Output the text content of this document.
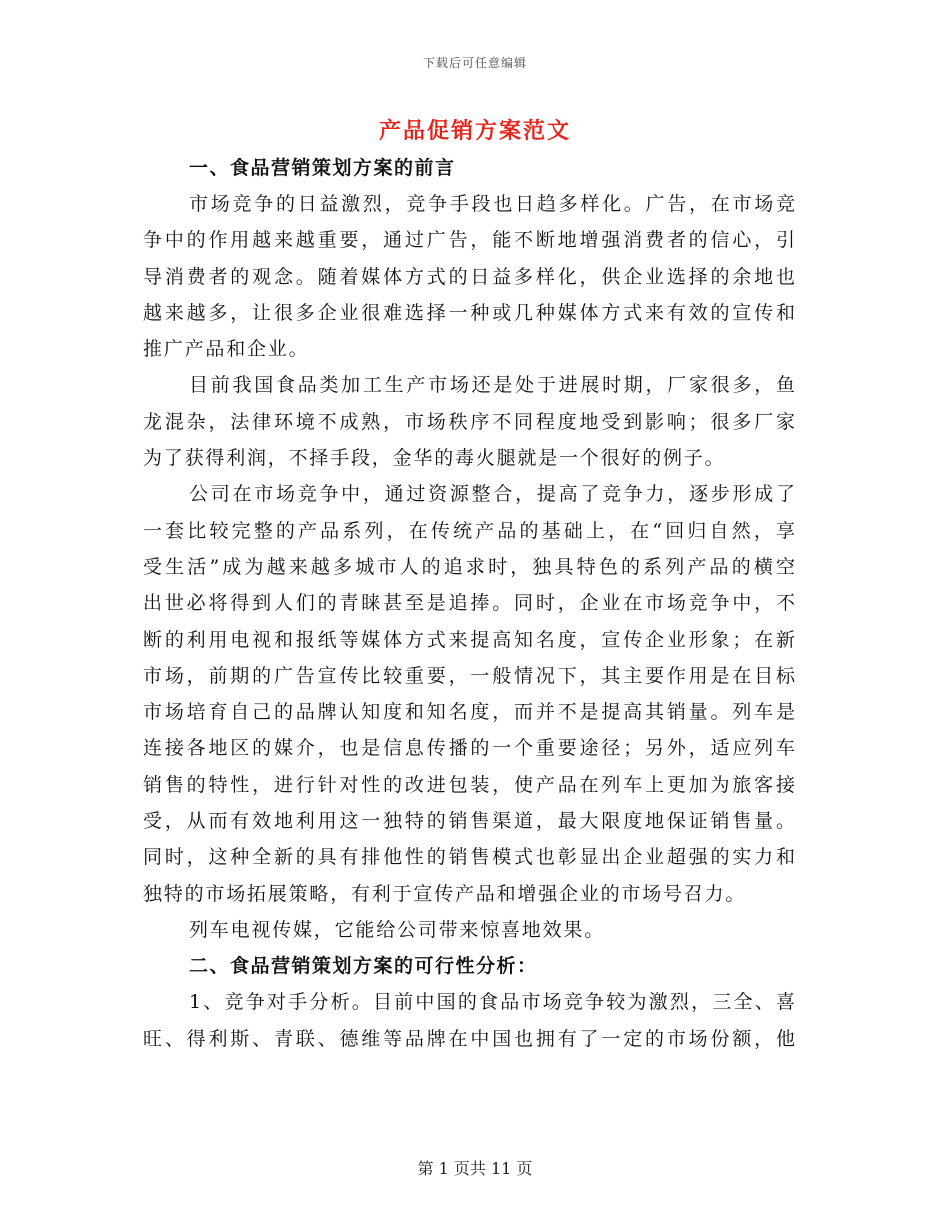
下载后可任意编辑
产品促销方案范文
一、食品营销策划方案的前言
市场竞争的日益激烈，竞争手段也日趋多样化。广告，在市场竞
争中的作用越来越重要，通过广告，能不断地增强消费者的信心，引
导消费者的观念。随着媒体方式的日益多样化，供企业选择的余地也
越来越多，让很多企业很难选择一种或几种媒体方式来有效的宣传和
推广产品和企业。
目前我国食品类加工生产市场还是处于进展时期，厂家很多，鱼
龙混杂，法律环境不成熟，市场秩序不同程度地受到影响；很多厂家
为了获得利润，不择手段，金华的毒火腿就是一个很好的例子。
公司在市场竞争中，通过资源整合，提高了竞争力，逐步形成了
一套比较完整的产品系列，在传统产品的基础上，在“回归自然，享
受生活”成为越来越多城市人的追求时，独具特色的系列产品的横空
出世必将得到人们的青睐甚至是追捧。同时，企业在市场竞争中，不
断的利用电视和报纸等媒体方式来提高知名度，宣传企业形象；在新
市场，前期的广告宣传比较重要，一般情况下，其主要作用是在目标
市场培育自己的品牌认知度和知名度，而并不是提高其销量。列车是
连接各地区的媒介，也是信息传播的一个重要途径；另外，适应列车
销售的特性，进行针对性的改进包装，使产品在列车上更加为旅客接
受，从而有效地利用这一独特的销售渠道，最大限度地保证销售量。
同时，这种全新的具有排他性的销售模式也彰显出企业超强的实力和
独特的市场拓展策略，有利于宣传产品和增强企业的市场号召力。
列车电视传媒，它能给公司带来惊喜地效果。
二、食品营销策划方案的可行性分析：
1、竞争对手分析。目前中国的食品市场竞争较为激烈，三全、喜
旺、得利斯、青联、德维等品牌在中国也拥有了一定的市场份额，他
第 1 页共 11 页
